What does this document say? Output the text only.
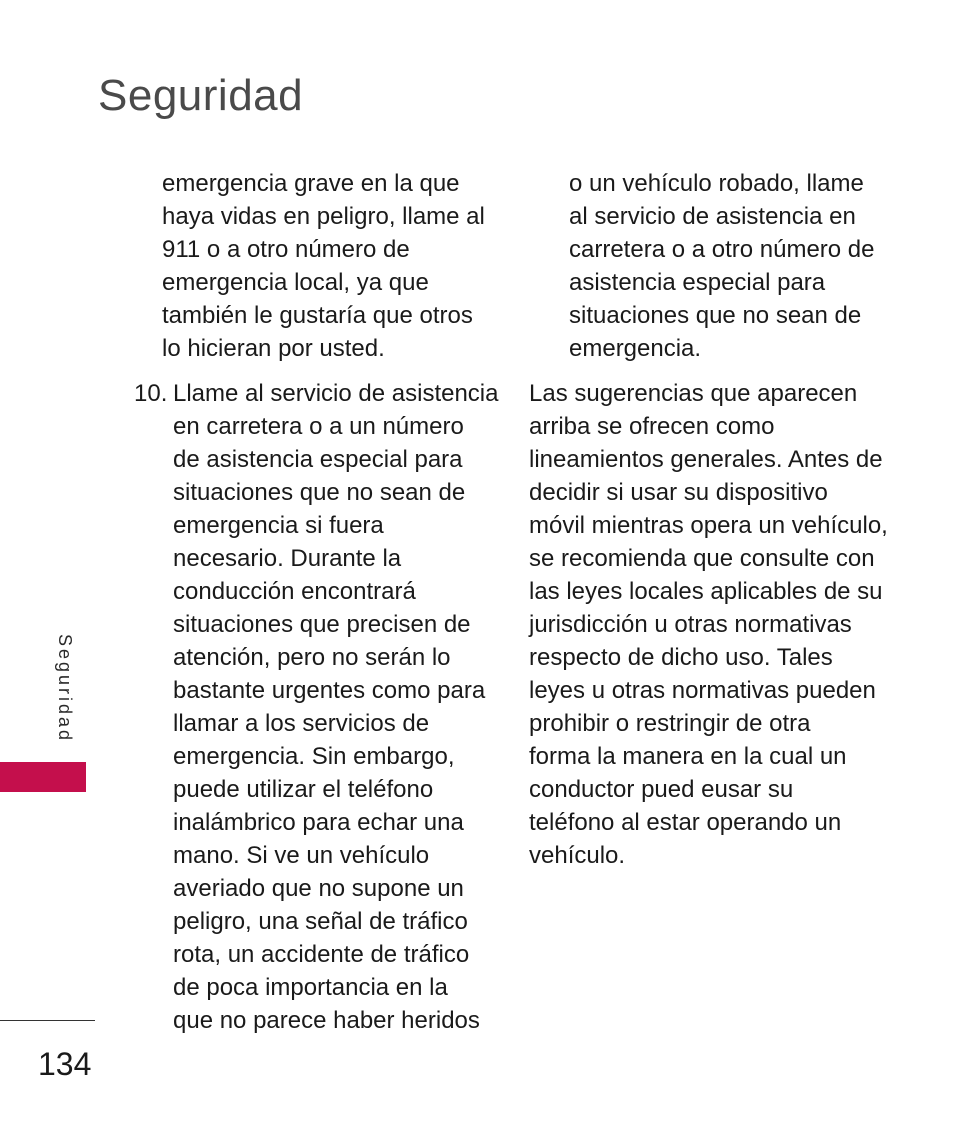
Seguridad

emergencia grave en la que
haya vidas en peligro, llame al
911 o a otro número de
emergencia local, ya que
también le gustaría que otros
lo hicieran por usted.

10. Llame al servicio de asistencia
en carretera o a un número
de asistencia especial para
situaciones que no sean de
emergencia si fuera
necesario. Durante la
conducción encontrará
situaciones que precisen de
atención, pero no serán lo
bastante urgentes como para
llamar a los servicios de
emergencia. Sin embargo,
puede utilizar el teléfono
inalámbrico para echar una
mano. Si ve un vehículo
averiado que no supone un
peligro, una señal de tráfico
rota, un accidente de tráfico
de poca importancia en la
que no parece haber heridos

o un vehículo robado, llame
al servicio de asistencia en
carretera o a otro número de
asistencia especial para
situaciones que no sean de
emergencia.

Las sugerencias que aparecen
arriba se ofrecen como
lineamientos generales. Antes de
decidir si usar su dispositivo
móvil mientras opera un vehículo,
se recomienda que consulte con
las leyes locales aplicables de su
jurisdicción u otras normativas
respecto de dicho uso. Tales
leyes u otras normativas pueden
prohibir o restringir de otra
forma la manera en la cual un
conductor pued eusar su
teléfono al estar operando un
vehículo.

Seguridad
134
